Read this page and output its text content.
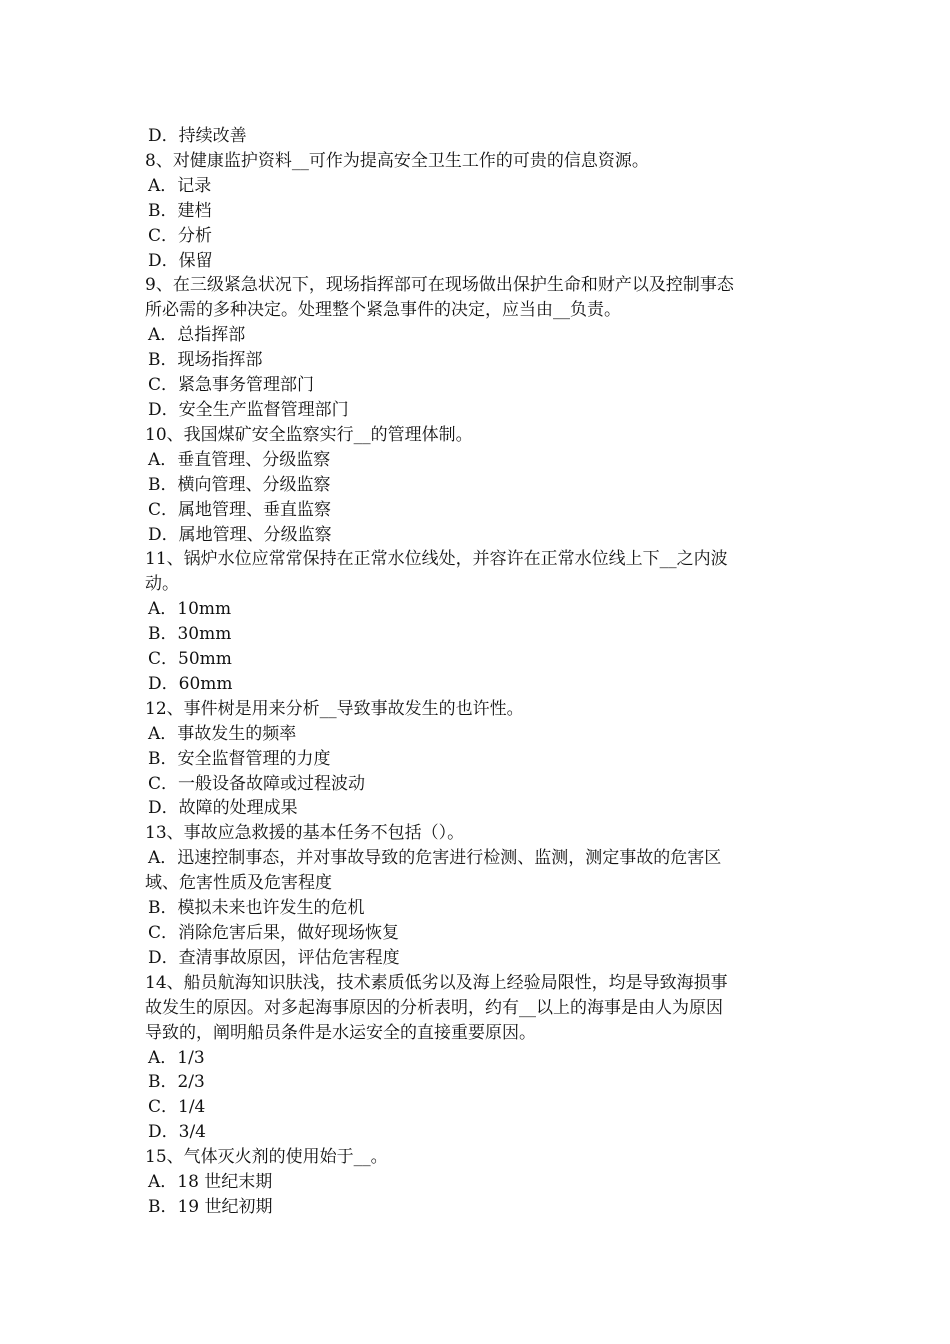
D．持续改善
8、对健康监护资料__可作为提高安全卫生工作的可贵的信息资源。
A．记录
B．建档
C．分析
D．保留
9、在三级紧急状况下，现场指挥部可在现场做出保护生命和财产以及控制事态
所必需的多种决定。处理整个紧急事件的决定，应当由__负责。
A．总指挥部
B．现场指挥部
C．紧急事务管理部门
D．安全生产监督管理部门
10、我国煤矿安全监察实行__的管理体制。
A．垂直管理、分级监察
B．横向管理、分级监察
C．属地管理、垂直监察
D．属地管理、分级监察
11、锅炉水位应常常保持在正常水位线处，并容许在正常水位线上下__之内波
动。
A．10mm
B．30mm
C．50mm
D．60mm
12、事件树是用来分析__导致事故发生的也许性。
A．事故发生的频率
B．安全监督管理的力度
C．一般设备故障或过程波动
D．故障的处理成果
13、事故应急救援的基本任务不包括（）。
A．迅速控制事态，并对事故导致的危害进行检测、监测，测定事故的危害区
域、危害性质及危害程度
B．模拟未来也许发生的危机
C．消除危害后果，做好现场恢复
D．查清事故原因，评估危害程度
14、船员航海知识肤浅，技术素质低劣以及海上经验局限性，均是导致海损事
故发生的原因。对多起海事原因的分析表明，约有__以上的海事是由人为原因
导致的，阐明船员条件是水运安全的直接重要原因。
A．1/3
B．2/3
C．1/4
D．3/4
15、气体灭火剂的使用始于__。
A．18 世纪末期
B．19 世纪初期
